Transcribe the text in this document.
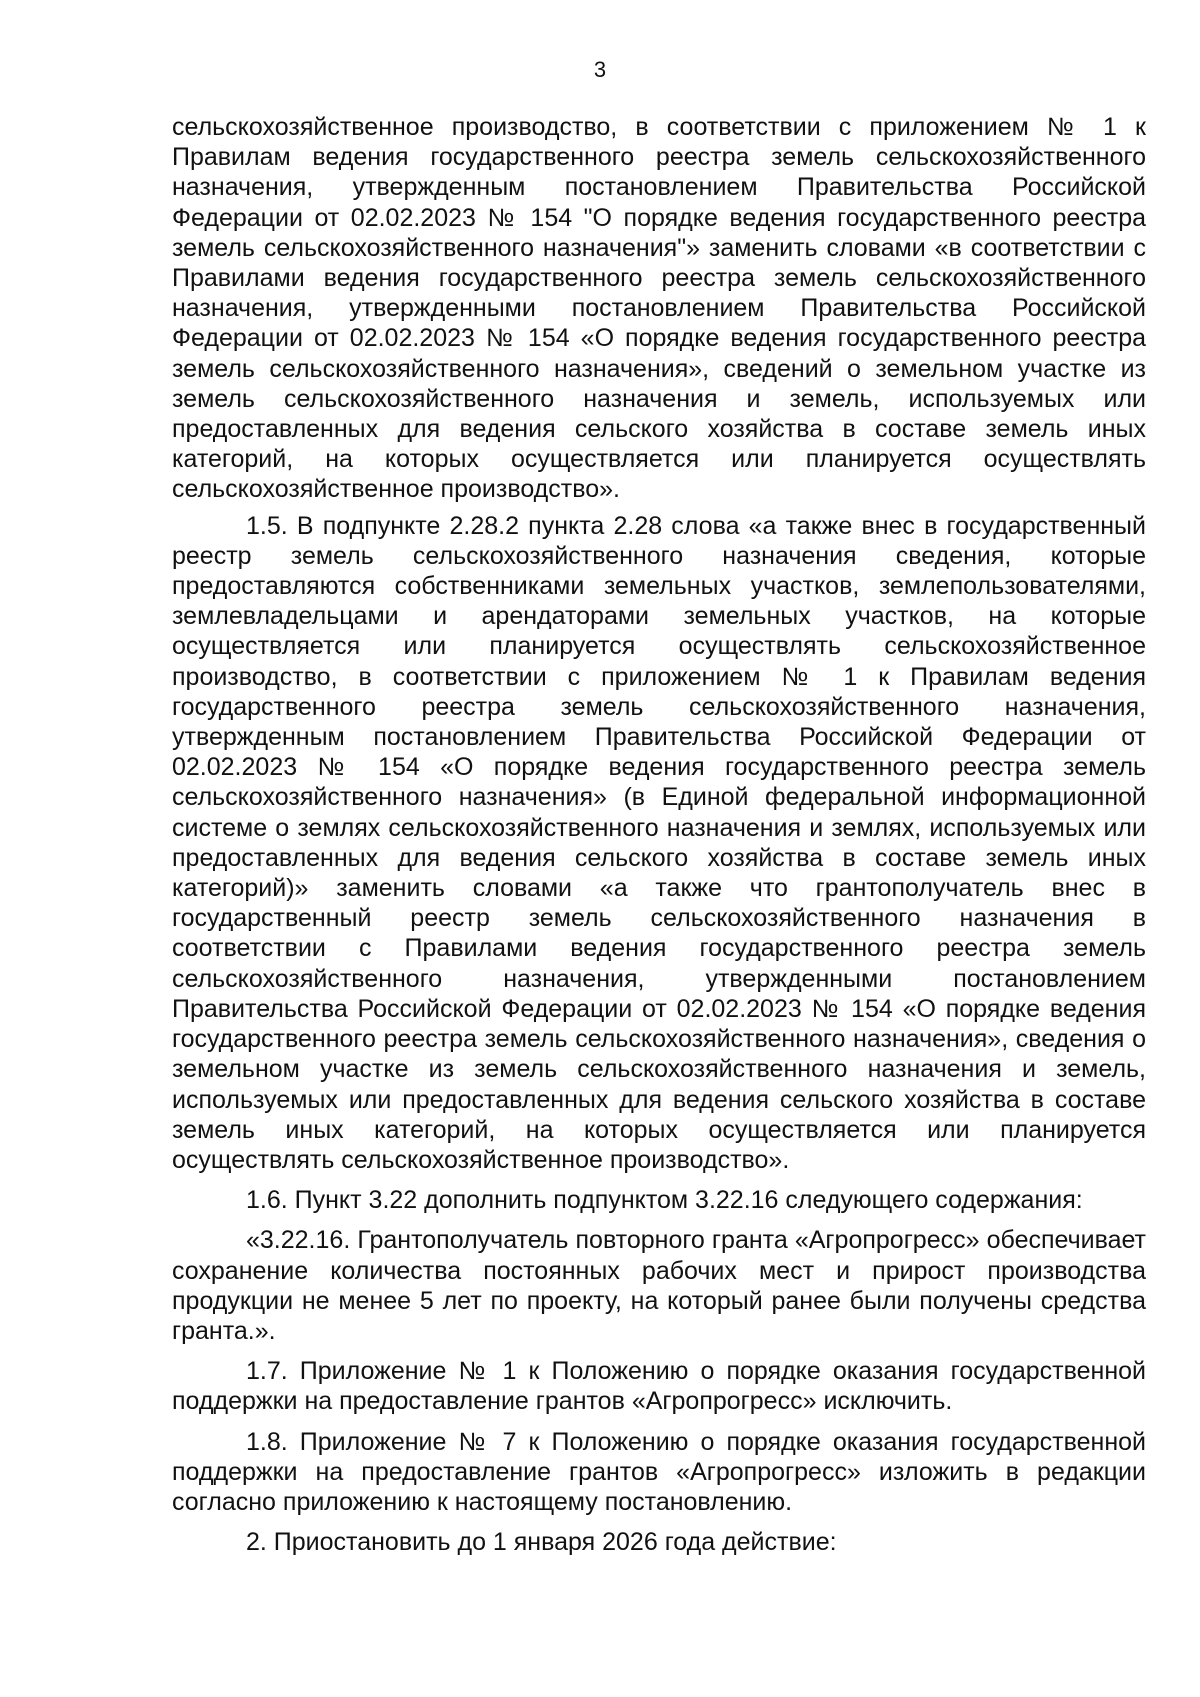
3

сельскохозяйственное производство, в соответствии с приложением № 1 к Правилам ведения государственного реестра земель сельскохозяйственного назначения, утвержденным постановлением Правительства Российской Федерации от 02.02.2023 № 154 "О порядке ведения государственного реестра земель сельскохозяйственного назначения"» заменить словами «в соответствии с Правилами ведения государственного реестра земель сельскохозяйственного назначения, утвержденными постановлением Правительства Российской Федерации от 02.02.2023 № 154 «О порядке ведения государственного реестра земель сельскохозяйственного назначения», сведений о земельном участке из земель сельскохозяйственного назначения и земель, используемых или предоставленных для ведения сельского хозяйства в составе земель иных категорий, на которых осуществляется или планируется осуществлять сельскохозяйственное производство».

1.5. В подпункте 2.28.2 пункта 2.28 слова «а также внес в государственный реестр земель сельскохозяйственного назначения сведения, которые предоставляются собственниками земельных участков, землепользователями, землевладельцами и арендаторами земельных участков, на которые осуществляется или планируется осуществлять сельскохозяйственное производство, в соответствии с приложением № 1 к Правилам ведения государственного реестра земель сельскохозяйственного назначения, утвержденным постановлением Правительства Российской Федерации от 02.02.2023 № 154 «О порядке ведения государственного реестра земель сельскохозяйственного назначения» (в Единой федеральной информационной системе о землях сельскохозяйственного назначения и землях, используемых или предоставленных для ведения сельского хозяйства в составе земель иных категорий)» заменить словами «а также что грантополучатель внес в государственный реестр земель сельскохозяйственного назначения в соответствии с Правилами ведения государственного реестра земель сельскохозяйственного назначения, утвержденными постановлением Правительства Российской Федерации от 02.02.2023 № 154 «О порядке ведения государственного реестра земель сельскохозяйственного назначения», сведения о земельном участке из земель сельскохозяйственного назначения и земель, используемых или предоставленных для ведения сельского хозяйства в составе земель иных категорий, на которых осуществляется или планируется осуществлять сельскохозяйственное производство».

1.6. Пункт 3.22 дополнить подпунктом 3.22.16 следующего содержания:

«3.22.16. Грантополучатель повторного гранта «Агропрогресс» обеспечивает сохранение количества постоянных рабочих мест и прирост производства продукции не менее 5 лет по проекту, на который ранее были получены средства гранта.».

1.7. Приложение № 1 к Положению о порядке оказания государственной поддержки на предоставление грантов «Агропрогресс» исключить.

1.8. Приложение № 7 к Положению о порядке оказания государственной поддержки на предоставление грантов «Агропрогресс» изложить в редакции согласно приложению к настоящему постановлению.

2. Приостановить до 1 января 2026 года действие:
